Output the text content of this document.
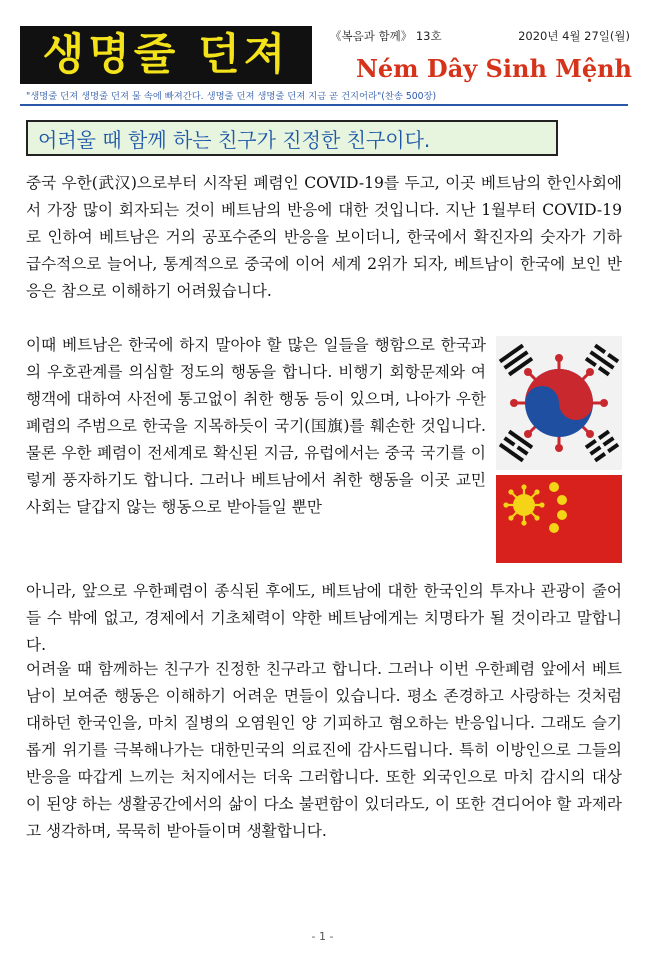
생명줄 던져	《복음과 함께》 13호	2020년 4월 27일(월)
Ném Dây Sinh Mệnh
"생명줄 던져 생명줄 던져 물 속에 빠져간다. 생명줄 던져 생명줄 던져 지금 곧 건지어라"(찬송 500장)
어려울 때 함께 하는 친구가 진정한 친구이다.

중국 우한(武汉)으로부터 시작된 폐렴인 COVID-19를 두고, 이곳 베트남의 한인사회에서 가장 많이 회자되는 것이 베트남의 반응에 대한 것입니다. 지난 1월부터 COVID-19로 인하여 베트남은 거의 공포수준의 반응을 보이더니, 한국에서 확진자의 숫자가 기하급수적으로 늘어나, 통계적으로 중국에 이어 세계 2위가 되자, 베트남이 한국에 보인 반응은 참으로 이해하기 어려웠습니다.

이때 베트남은 한국에 하지 말아야 할 많은 일들을 행함으로 한국과의 우호관계를 의심할 정도의 행동을 합니다. 비행기 회항문제와 여행객에 대하여 사전에 통고없이 취한 행동 등이 있으며, 나아가 우한폐렴의 주범으로 한국을 지목하듯이 국기(国旗)를 훼손한 것입니다. 물론 우한 폐렴이 전세계로 확신된 지금, 유럽에서는 중국 국기를 이렇게 풍자하기도 합니다. 그러나 베트남에서 취한 행동을 이곳 교민사회는 달갑지 않는 행동으로 받아들일 뿐만

아니라, 앞으로 우한폐렴이 종식된 후에도, 베트남에 대한 한국인의 투자나 관광이 줄어들 수 밖에 없고, 경제에서 기초체력이 약한 베트남에게는 치명타가 될 것이라고 말합니다.

어려울 때 함께하는 친구가 진정한 친구라고 합니다. 그러나 이번 우한폐렴 앞에서 베트남이 보여준 행동은 이해하기 어려운 면들이 있습니다. 평소 존경하고 사랑하는 것처럼 대하던 한국인을, 마치 질병의 오염원인 양 기피하고 혐오하는 반응입니다. 그래도 슬기롭게 위기를 극복해나가는 대한민국의 의료진에 감사드립니다. 특히 이방인으로 그들의 반응을 따갑게 느끼는 처지에서는 더욱 그러합니다. 또한 외국인으로 마치 감시의 대상이 된양 하는 생활공간에서의 삶이 다소 불편함이 있더라도, 이 또한 견디어야 할 과제라고 생각하며, 묵묵히 받아들이며 생활합니다.

- 1 -
